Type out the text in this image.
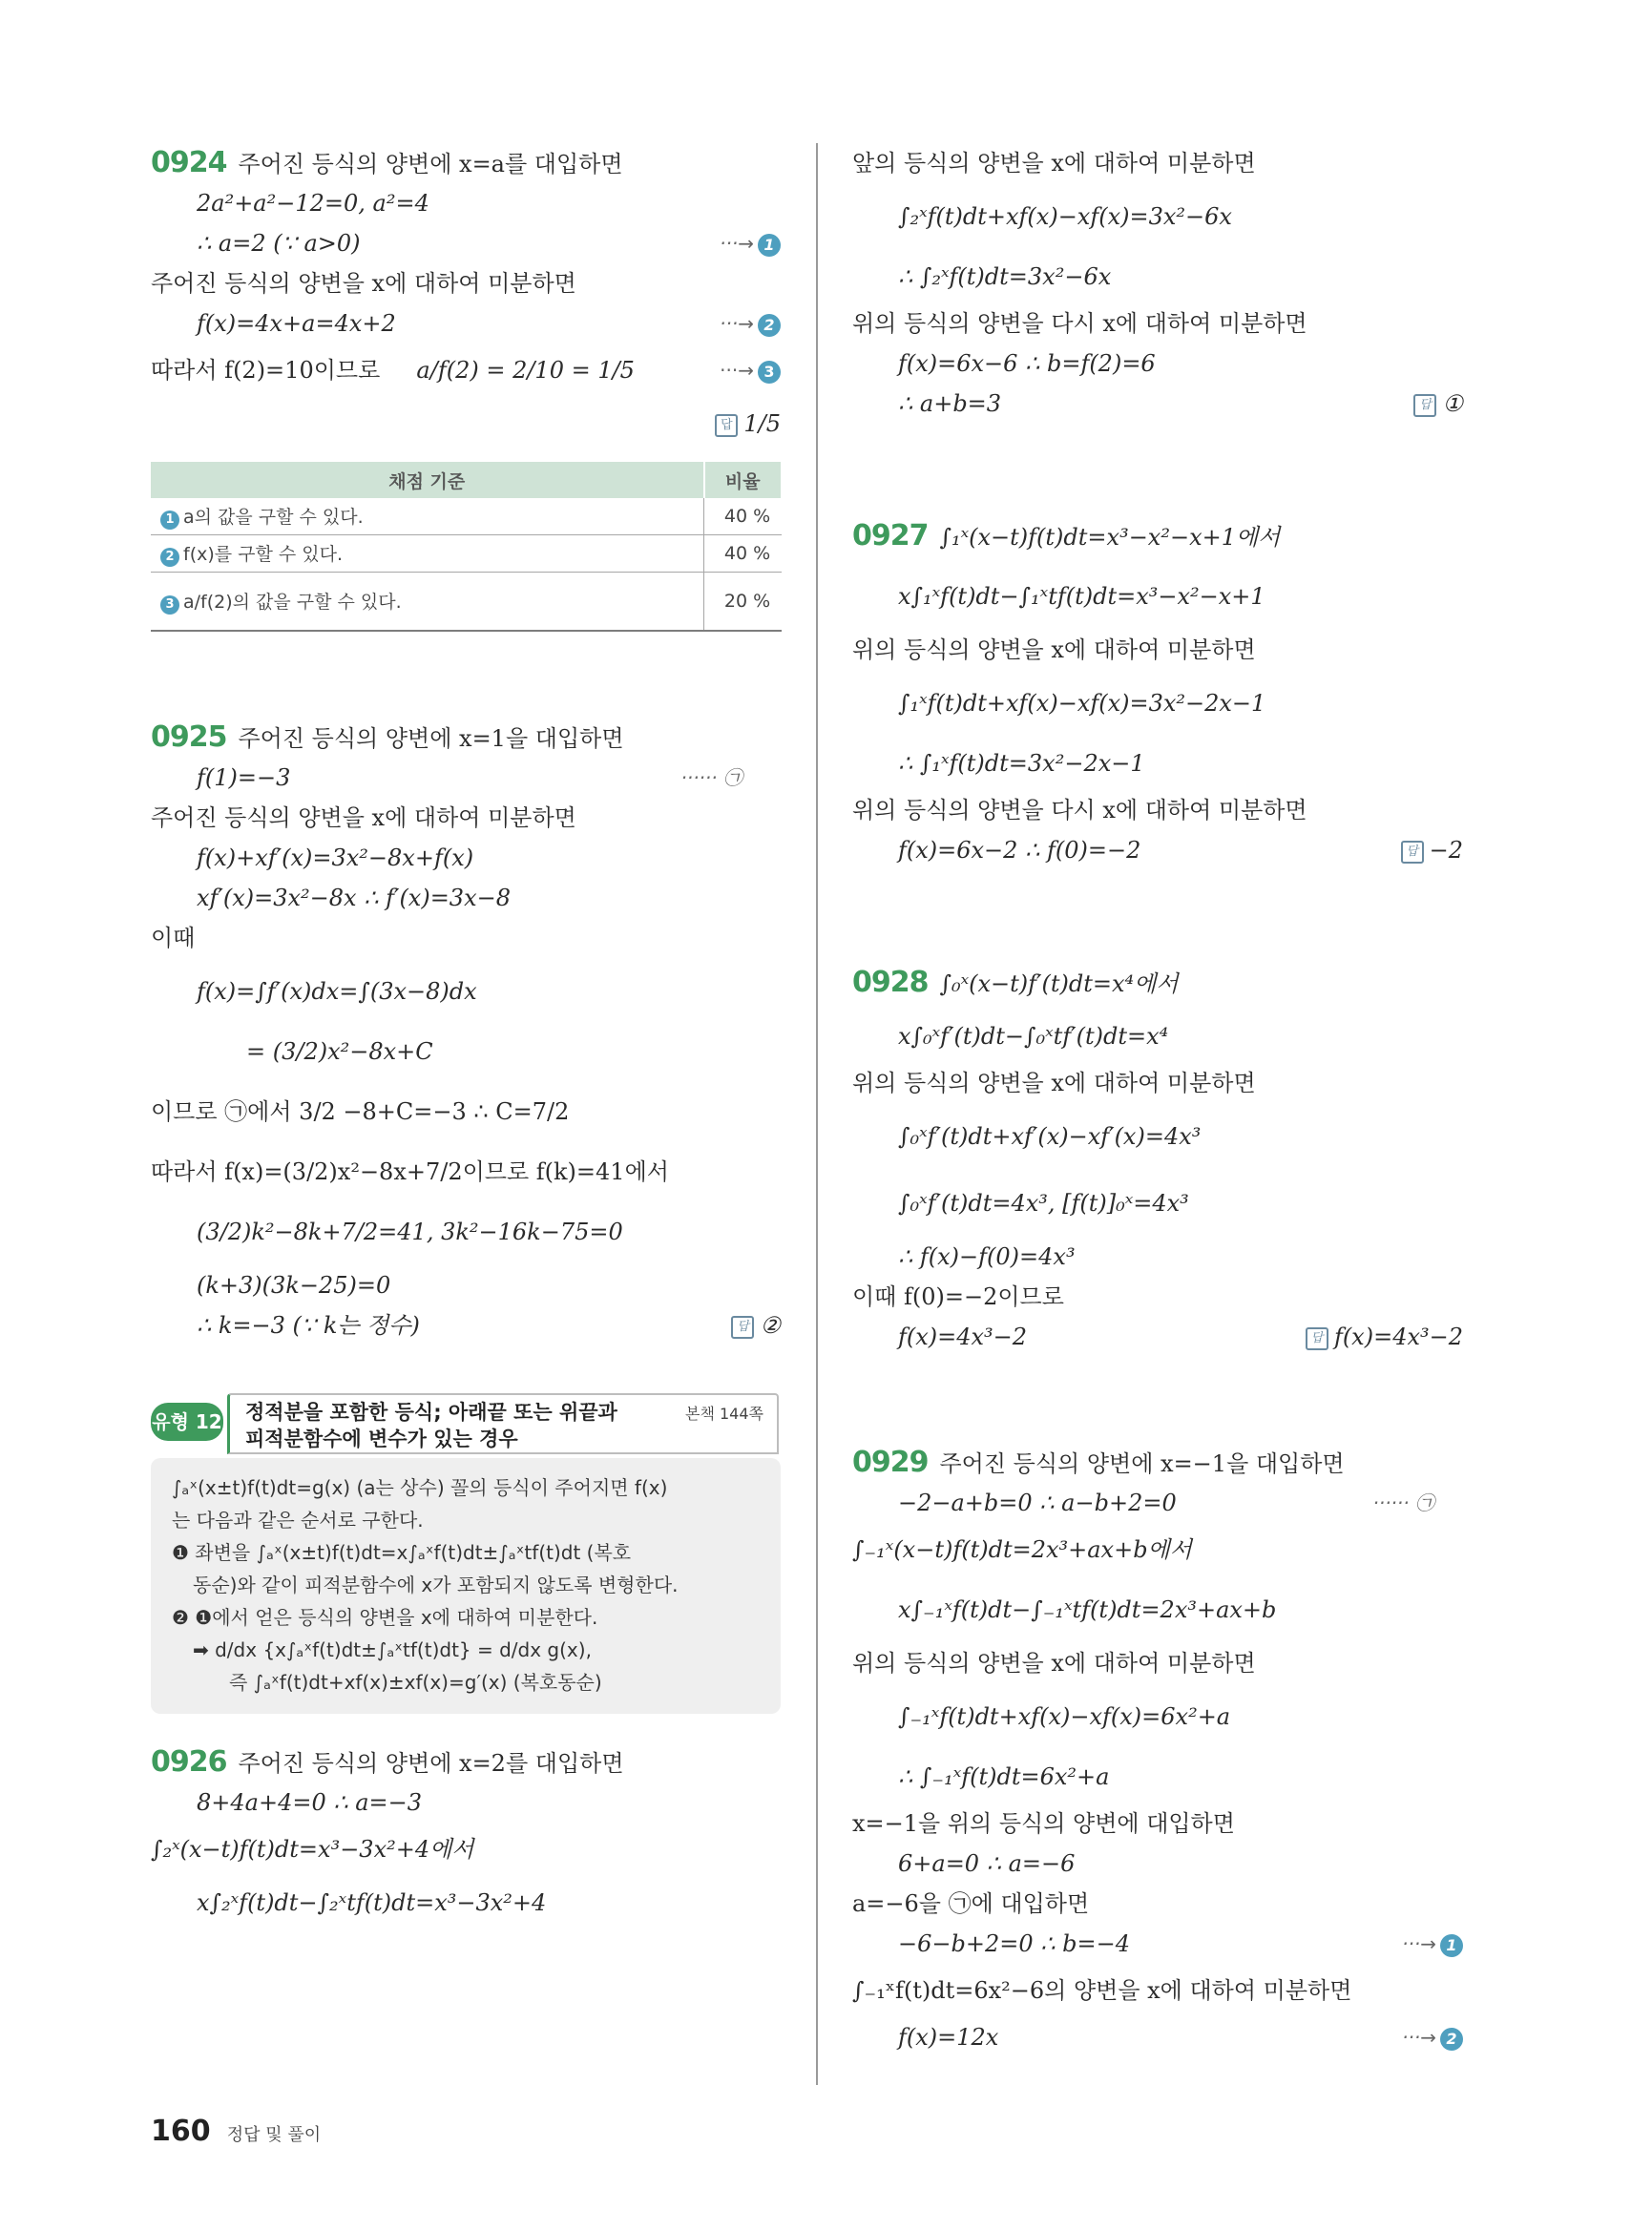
0924 주어진 등식의 양변에 x=a를 대입하면
2a²+a²−12=0, a²=4
∴ a=2 (∵ a>0)	···→ 1
주어진 등식의 양변을 x에 대하여 미분하면
f(x)=4x+a=4x+2	···→ 2
따라서 f(2)=10이므로 a/f(2) = 2/10 = 1/5	···→ 3
답 1/5
채점 기준	비율
1 a의 값을 구할 수 있다.	40 %
2 f(x)를 구할 수 있다.	40 %
3 a/f(2)의 값을 구할 수 있다.	20 %
0925 주어진 등식의 양변에 x=1을 대입하면
f(1)=−3	······ ㉠
주어진 등식의 양변을 x에 대하여 미분하면
f(x)+xf′(x)=3x²−8x+f(x)
xf′(x)=3x²−8x ∴ f′(x)=3x−8
이때
f(x)=∫f′(x)dx=∫(3x−8)dx
= (3/2)x²−8x+C
이므로 ㉠에서 3/2 −8+C=−3 ∴ C=7/2
따라서 f(x)=(3/2)x²−8x+7/2이므로 f(k)=41에서
(3/2)k²−8k+7/2=41, 3k²−16k−75=0
(k+3)(3k−25)=0
∴ k=−3 (∵ k는 정수)	답 ②
유형 12 정적분을 포함한 등식; 아래끝 또는 위끝과
피적분함수에 변수가 있는 경우
본책 144쪽
∫ₐˣ(x±t)f(t)dt=g(x) (a는 상수) 꼴의 등식이 주어지면 f(x)
는 다음과 같은 순서로 구한다.
❶ 좌변을 ∫ₐˣ(x±t)f(t)dt=x∫ₐˣf(t)dt±∫ₐˣtf(t)dt (복호
동순)와 같이 피적분함수에 x가 포함되지 않도록 변형한다.
❷ ❶에서 얻은 등식의 양변을 x에 대하여 미분한다.
➡ d/dx {x∫ₐˣf(t)dt±∫ₐˣtf(t)dt} = d/dx g(x),
즉 ∫ₐˣf(t)dt+xf(x)±xf(x)=g′(x) (복호동순)
0926 주어진 등식의 양변에 x=2를 대입하면
8+4a+4=0 ∴ a=−3
∫₂ˣ(x−t)f(t)dt=x³−3x²+4에서
x∫₂ˣf(t)dt−∫₂ˣtf(t)dt=x³−3x²+4
앞의 등식의 양변을 x에 대하여 미분하면
∫₂ˣf(t)dt+xf(x)−xf(x)=3x²−6x
∴ ∫₂ˣf(t)dt=3x²−6x
위의 등식의 양변을 다시 x에 대하여 미분하면
f(x)=6x−6 ∴ b=f(2)=6
∴ a+b=3	답 ①
0927 ∫₁ˣ(x−t)f(t)dt=x³−x²−x+1에서
x∫₁ˣf(t)dt−∫₁ˣtf(t)dt=x³−x²−x+1
위의 등식의 양변을 x에 대하여 미분하면
∫₁ˣf(t)dt+xf(x)−xf(x)=3x²−2x−1
∴ ∫₁ˣf(t)dt=3x²−2x−1
위의 등식의 양변을 다시 x에 대하여 미분하면
f(x)=6x−2 ∴ f(0)=−2	답 −2
0928 ∫₀ˣ(x−t)f′(t)dt=x⁴에서
x∫₀ˣf′(t)dt−∫₀ˣtf′(t)dt=x⁴
위의 등식의 양변을 x에 대하여 미분하면
∫₀ˣf′(t)dt+xf′(x)−xf′(x)=4x³
∫₀ˣf′(t)dt=4x³, [f(t)]₀ˣ=4x³
∴ f(x)−f(0)=4x³
이때 f(0)=−2이므로
f(x)=4x³−2	답 f(x)=4x³−2
0929 주어진 등식의 양변에 x=−1을 대입하면
−2−a+b=0 ∴ a−b+2=0	······ ㉠
∫₋₁ˣ(x−t)f(t)dt=2x³+ax+b에서
x∫₋₁ˣf(t)dt−∫₋₁ˣtf(t)dt=2x³+ax+b
위의 등식의 양변을 x에 대하여 미분하면
∫₋₁ˣf(t)dt+xf(x)−xf(x)=6x²+a
∴ ∫₋₁ˣf(t)dt=6x²+a
x=−1을 위의 등식의 양변에 대입하면
6+a=0 ∴ a=−6
a=−6을 ㉠에 대입하면
−6−b+2=0 ∴ b=−4	···→ 1
∫₋₁ˣf(t)dt=6x²−6의 양변을 x에 대하여 미분하면
f(x)=12x	···→ 2
160 정답 및 풀이
